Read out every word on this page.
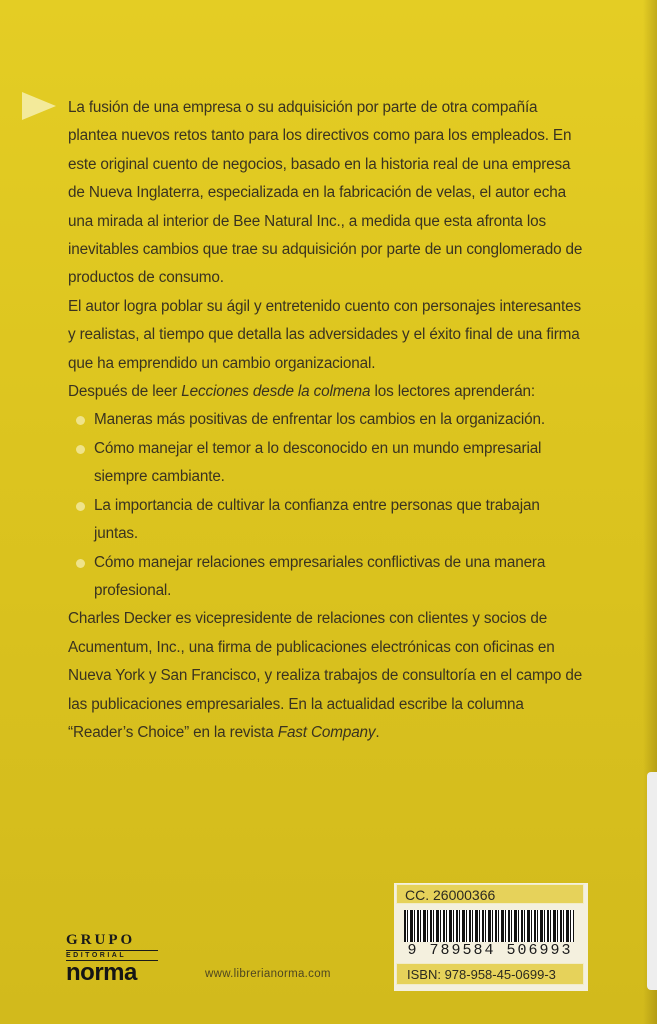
La fusión de una empresa o su adquisición por parte de otra compañía plantea nuevos retos tanto para los directivos como para los empleados. En este original cuento de negocios, basado en la historia real de una empresa de Nueva Inglaterra, especializada en la fabricación de velas, el autor echa una mirada al interior de Bee Natural Inc., a medida que esta afronta los inevitables cambios que trae su adquisición por parte de un conglomerado de productos de consumo.

El autor logra poblar su ágil y entretenido cuento con personajes interesantes y realistas, al tiempo que detalla las adversidades y el éxito final de una firma que ha emprendido un cambio organizacional.

Después de leer Lecciones desde la colmena los lectores aprenderán:

Maneras más positivas de enfrentar los cambios en la organización.
Cómo manejar el temor a lo desconocido en un mundo empresarial siempre cambiante.
La importancia de cultivar la confianza entre personas que trabajan juntas.
Cómo manejar relaciones empresariales conflictivas de una manera profesional.

Charles Decker es vicepresidente de relaciones con clientes y socios de Acumentum, Inc., una firma de publicaciones electrónicas con oficinas en Nueva York y San Francisco, y realiza trabajos de consultoría en el campo de las publicaciones empresariales. En la actualidad escribe la columna “Reader’s Choice” en la revista Fast Company.

CC. 26000366
9 789584 506993
ISBN: 978-958-45-0699-3
GRUPO
EDITORIAL
norma	www.librerianorma.com
